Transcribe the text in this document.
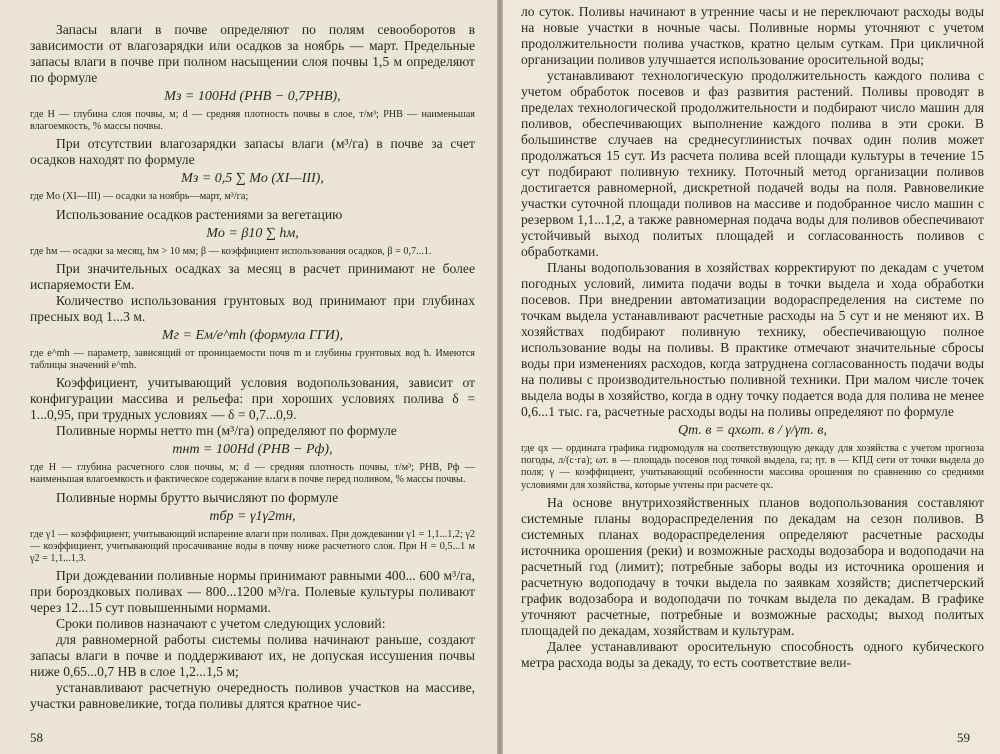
Запасы влаги в почве определяют по полям севооборотов в зависимости от влагозарядки или осадков за ноябрь — март. Предельные запасы влаги в почве при полном насыщении слоя почвы 1,5 м определяют по формуле

Mз = 100Hd (PНВ − 0,7PНВ),

где H — глубина слоя почвы, м; d — средняя плотность почвы в слое, т/м³; PНВ — наименьшая влагоемкость, % массы почвы.

При отсутствии влагозарядки запасы влаги (м³/га) в почве за счет осадков находят по формуле

Mз = 0,5 ∑ Mо (XI—III),

где Mо (XI—III) — осадки за ноябрь—март, м³/га;

Использование осадков растениями за вегетацию

Mо = β10 ∑ hм,

где hм — осадки за месяц, hм > 10 мм; β — коэффициент использования осадков, β = 0,7...1.

При значительных осадках за месяц в расчет принимают не более испаряемости Eм.

Количество использования грунтовых вод принимают при глубинах пресных вод 1...3 м.

Mг = Eм/e^mh (формула ГГИ),

где e^mh — параметр, зависящий от проницаемости почв m и глубины грунтовых вод h. Имеются таблицы значений e^mh.

Коэффициент, учитывающий условия водопользования, зависит от конфигурации массива и рельефа: при хороших условиях полива δ = 1...0,95, при трудных условиях — δ = 0,7...0,9.

Поливные нормы нетто mн (м³/га) определяют по формуле

mнт = 100Hd (PНВ − Pф),

где H — глубина расчетного слоя почвы, м; d — средняя плотность почвы, т/м³; PНВ, Pф — наименьшая влагоемкость и фактическое содержание влаги в почве перед поливом, % массы почвы.

Поливные нормы брутто вычисляют по формуле

mбр = γ1γ2mн,

где γ1 — коэффициент, учитывающий испарение влаги при поливах. При дождевании γ1 = 1,1...1,2; γ2 — коэффициент, учитывающий просачивание воды в почву ниже расчетного слоя. При H = 0,5...1 м γ2 = 1,1...1,3.

При дождевании поливные нормы принимают равными 400... 600 м³/га, при бороздковых поливах — 800...1200 м³/га. Полевые культуры поливают через 12...15 сут повышенными нормами.

Сроки поливов назначают с учетом следующих условий:

для равномерной работы системы полива начинают раньше, создают запасы влаги в почве и поддерживают их, не допуская иссушения почвы ниже 0,65...0,7 НВ в слое 1,2...1,5 м;

устанавливают расчетную очередность поливов участков на массиве, участки равновеликие, тогда поливы длятся кратное чис-

58

ло суток. Поливы начинают в утренние часы и не переключают расходы воды на новые участки в ночные часы. Поливные нормы уточняют с учетом продолжительности полива участков, кратно целым суткам. При цикличной организации поливов улучшается использование оросительной воды;

устанавливают технологическую продолжительность каждого полива с учетом обработок посевов и фаз развития растений. Поливы проводят в пределах технологической продолжительности и подбирают число машин для поливов, обеспечивающих выполнение каждого полива в эти сроки. В большинстве случаев на среднесуглинистых почвах один полив может продолжаться 15 сут. Из расчета полива всей площади культуры в течение 15 сут подбирают поливную технику. Поточный метод организации поливов достигается равномерной, дискретной подачей воды на поля. Равновеликие участки суточной площади поливов на массиве и подобранное число машин с резервом 1,1...1,2, а также равномерная подача воды для поливов обеспечивают устойчивый выход политых площадей и согласованность поливов с обработками.

Планы водопользования в хозяйствах корректируют по декадам с учетом погодных условий, лимита подачи воды в точки выдела и хода обработки посевов. При внедрении автоматизации водораспределения на системе по точкам выдела устанавливают расчетные расходы на 5 сут и не меняют их. В хозяйствах подбирают поливную технику, обеспечивающую полное использование воды на поливы. В практике отмечают значительные сбросы воды при изменениях расходов, когда затруднена согласованность подачи воды на поливы с производительностью поливной техники. При малом числе точек выдела воды в хозяйство, когда в одну точку подается вода для полива не менее 0,6...1 тыс. га, расчетные расходы воды на поливы определяют по формуле

Qт. в = qхωт. в / γ/γт. в,

где qх — ордината графика гидромодуля на соответствующую декаду для хозяйства с учетом прогноза погоды, л/(с·га); ωт. в — площадь посевов под точкой выдела, га; ηт. в — КПД сети от точки выдела до поля; γ — коэффициент, учитывающий особенности массива орошения по сравнению со средними условиями для хозяйства, которые учтены при расчете qх.

На основе внутрихозяйственных планов водопользования составляют системные планы водораспределения по декадам на сезон поливов. В системных планах водораспределения определяют расчетные расходы источника орошения (реки) и возможные расходы водозабора и водоподачи на расчетный год (лимит); потребные заборы воды из источника орошения и расчетную водоподачу в точки выдела по заявкам хозяйств; диспетчерский график водозабора и водоподачи по точкам выдела по декадам. В графике уточняют расчетные, потребные и возможные расходы; выход политых площадей по декадам, хозяйствам и культурам.

Далее устанавливают оросительную способность одного кубического метра расхода воды за декаду, то есть соответствие вели-

59
